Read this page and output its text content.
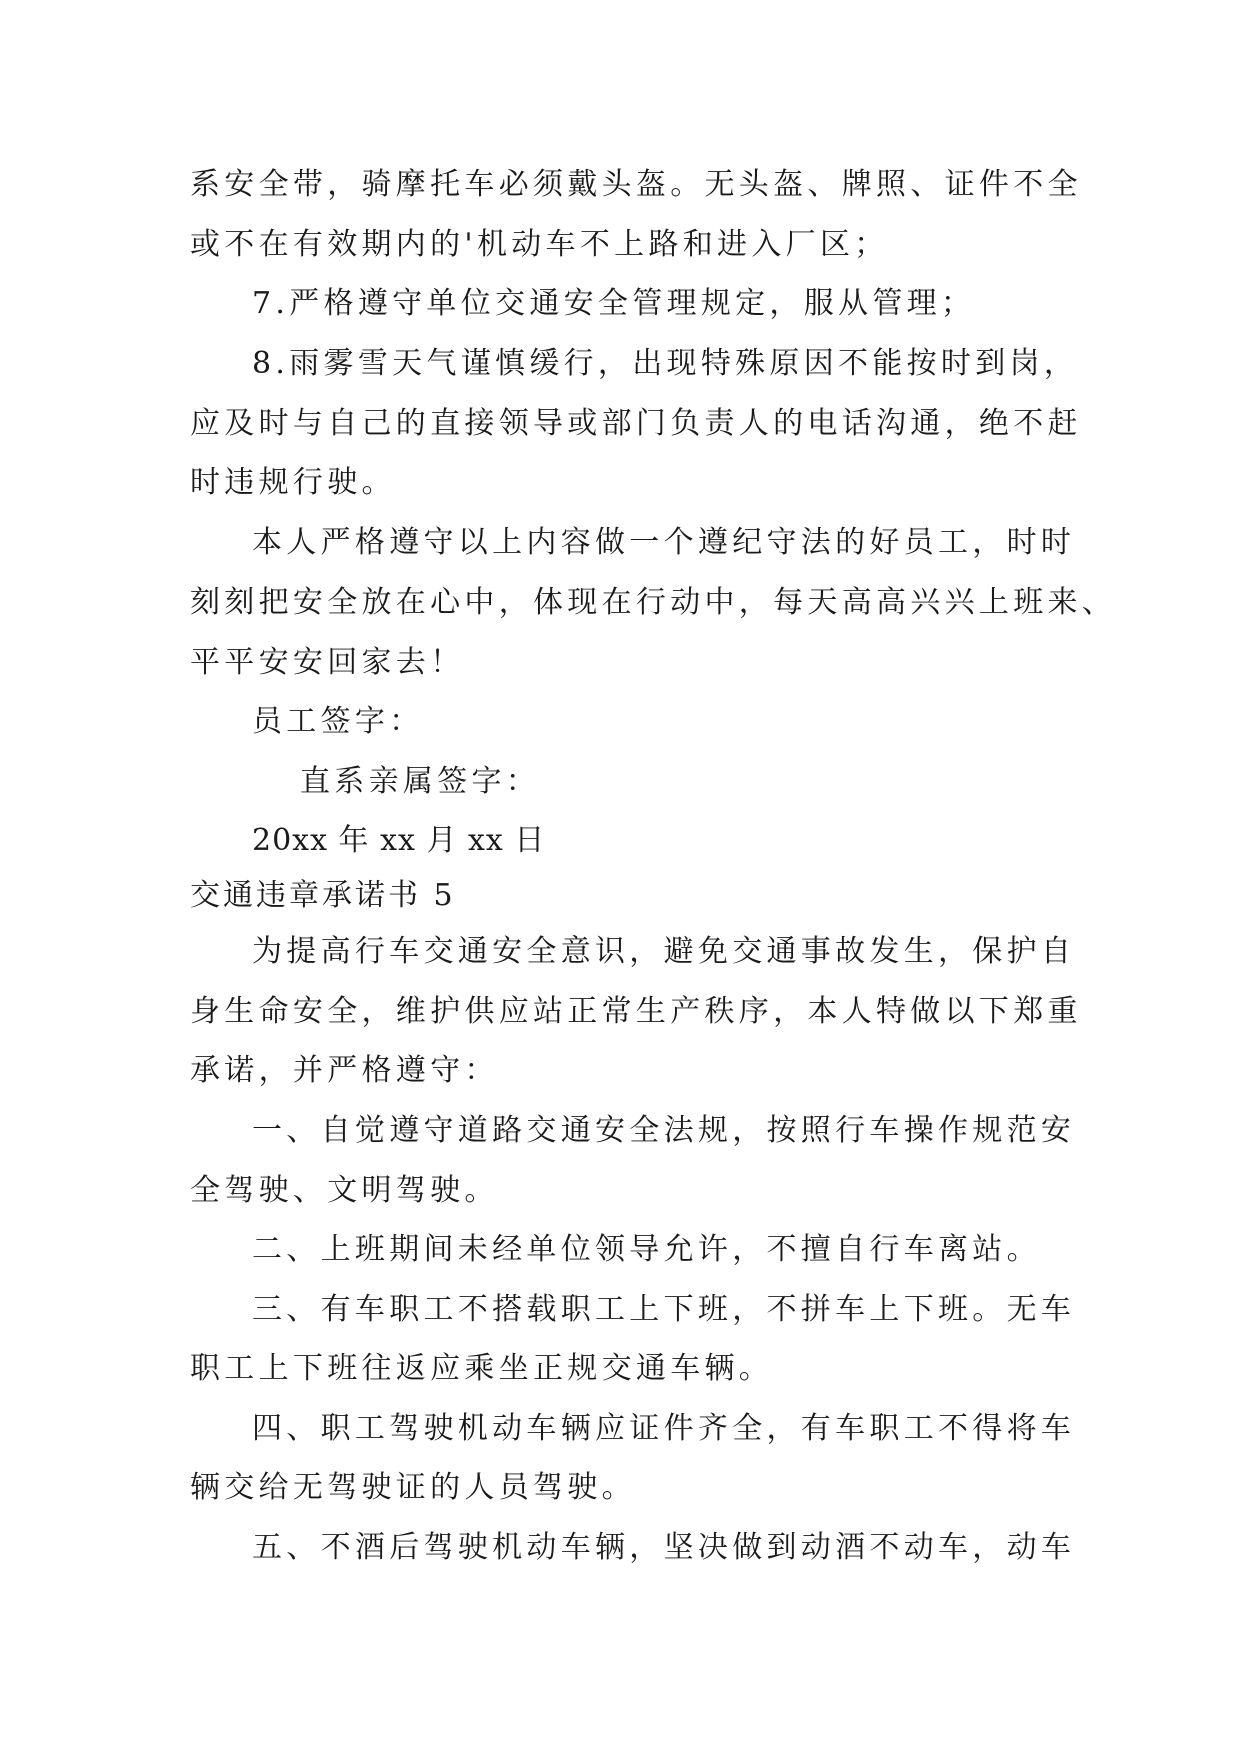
系安全带，骑摩托车必须戴头盔。无头盔、牌照、证件不全
或不在有效期内的'机动车不上路和进入厂区；
7.严格遵守单位交通安全管理规定，服从管理；
8.雨雾雪天气谨慎缓行，出现特殊原因不能按时到岗，
应及时与自己的直接领导或部门负责人的电话沟通，绝不赶
时违规行驶。
本人严格遵守以上内容做一个遵纪守法的好员工，时时
刻刻把安全放在心中，体现在行动中，每天高高兴兴上班来、
平平安安回家去！
员工签字：
直系亲属签字：
20xx 年 xx 月 xx 日
交通违章承诺书 5
为提高行车交通安全意识，避免交通事故发生，保护自
身生命安全，维护供应站正常生产秩序，本人特做以下郑重
承诺，并严格遵守：
一、自觉遵守道路交通安全法规，按照行车操作规范安
全驾驶、文明驾驶。
二、上班期间未经单位领导允许，不擅自行车离站。
三、有车职工不搭载职工上下班，不拼车上下班。无车
职工上下班往返应乘坐正规交通车辆。
四、职工驾驶机动车辆应证件齐全，有车职工不得将车
辆交给无驾驶证的人员驾驶。
五、不酒后驾驶机动车辆，坚决做到动酒不动车，动车
